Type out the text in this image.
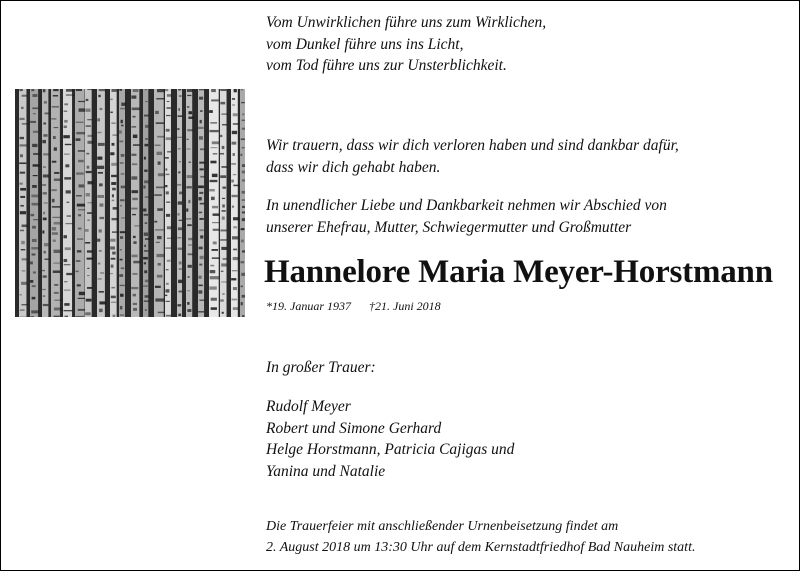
Vom Unwirklichen führe uns zum Wirklichen,
vom Dunkel führe uns ins Licht,
vom Tod führe uns zur Unsterblichkeit.
Wir trauern, dass wir dich verloren haben und sind dankbar dafür,
dass wir dich gehabt haben.
In unendlicher Liebe und Dankbarkeit nehmen wir Abschied von
unserer Ehefrau, Mutter, Schwiegermutter und Großmutter
Hannelore Maria Meyer-Horstmann
*19. Januar 1937 †21. Juni 2018
In großer Trauer:
Rudolf Meyer
Robert und Simone Gerhard
Helge Horstmann, Patricia Cajigas und
Yanina und Natalie
Die Trauerfeier mit anschließender Urnenbeisetzung findet am
2. August 2018 um 13:30 Uhr auf dem Kernstadtfriedhof Bad Nauheim statt.
